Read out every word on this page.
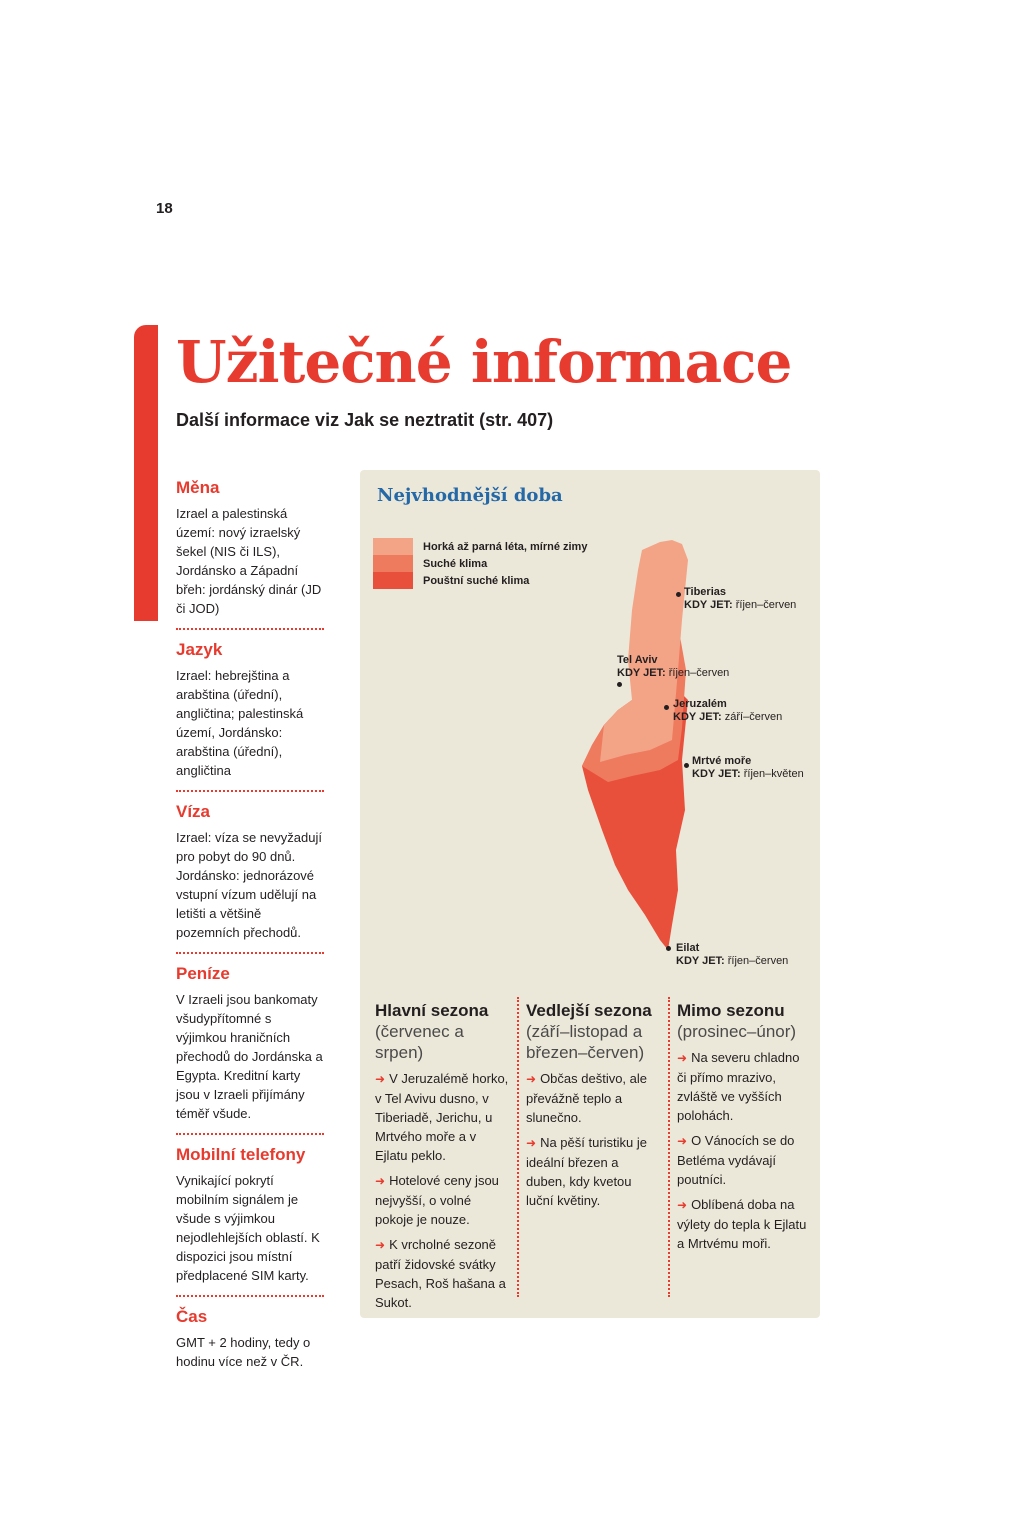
18
Užitečné informace
Další informace viz Jak se neztratit (str. 407)

Měna

Izrael a palestinská území: nový izraelský šekel (NIS či ILS), Jordánsko a Západní břeh: jordánský dinár (JD či JOD)

Jazyk

Izrael: hebrejština a arabština (úřední), angličtina; palestinská území, Jordánsko: arabština (úřední), angličtina

Víza

Izrael: víza se nevyžadují pro pobyt do 90 dnů. Jordánsko: jednorázové vstupní vízum udělují na letišti a většině pozemních přechodů.

Peníze

V Izraeli jsou bankomaty všudypřítomné s výjimkou hraničních přechodů do Jordánska a Egypta. Kreditní karty jsou v Izraeli přijímány téměř všude.

Mobilní telefony

Vynikající pokrytí mobilním signálem je všude s výjimkou nejodlehlejších oblastí. K dispozici jsou místní předplacené SIM karty.

Čas

GMT + 2 hodiny, tedy o hodinu více než v ČR.

Nejvhodnější doba
Horká až parná léta, mírné zimy
Suché klima
Pouštní suché klima
Tiberias
KDY JET: říjen–červen
Tel Aviv
KDY JET: říjen–červen
Jeruzalém
KDY JET: září–červen
Mrtvé moře
KDY JET: říjen–květen
Eilat
KDY JET: říjen–červen
Hlavní sezona
(červenec a srpen)
➜ V Jeruzalémě horko, v Tel Avivu dusno, v Tiberiadě, Jerichu, u Mrtvého moře a v Ejlatu peklo.
➜ Hotelové ceny jsou nejvyšší, o volné pokoje je nouze.
➜ K vrcholné sezoně patří židovské svátky Pesach, Roš hašana a Sukot.
Vedlejší sezona (září–listopad a březen–červen)
➜ Občas deštivo, ale převážně teplo a slunečno.
➜ Na pěší turistiku je ideální březen a duben, kdy kvetou luční květiny.
Mimo sezonu
(prosinec–únor)
➜ Na severu chladno či přímo mrazivo, zvláště ve vyšších polohách.
➜ O Vánocích se do Betléma vydávají poutníci.
➜ Oblíbená doba na výlety do tepla k Ejlatu a Mrtvému moři.
